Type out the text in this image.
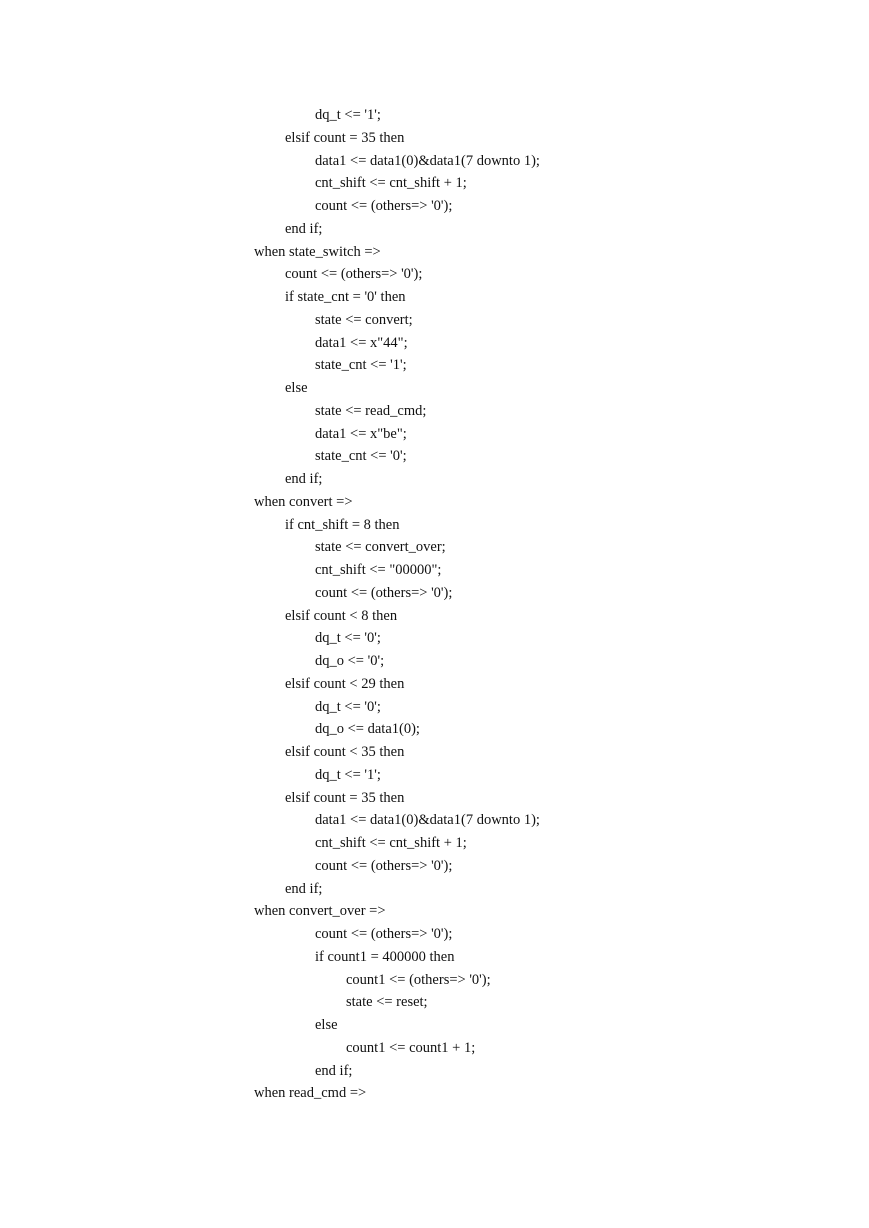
dq_t <= '1';
elsif count = 35 then
data1 <= data1(0)&data1(7 downto 1);
cnt_shift <= cnt_shift + 1;
count <= (others=> '0');
end if;
when state_switch =>
count <= (others=> '0');
if state_cnt = '0' then
state <= convert;
data1 <= x"44";
state_cnt <= '1';
else
state <= read_cmd;
data1 <= x"be";
state_cnt <= '0';
end if;
when convert =>
if cnt_shift = 8 then
state <= convert_over;
cnt_shift <= "00000";
count <= (others=> '0');
elsif count < 8 then
dq_t <= '0';
dq_o <= '0';
elsif count < 29 then
dq_t <= '0';
dq_o <= data1(0);
elsif count < 35 then
dq_t <= '1';
elsif count = 35 then
data1 <= data1(0)&data1(7 downto 1);
cnt_shift <= cnt_shift + 1;
count <= (others=> '0');
end if;
when convert_over =>
count <= (others=> '0');
if count1 = 400000 then
count1 <= (others=> '0');
state <= reset;
else
count1 <= count1 + 1;
end if;
when read_cmd =>
